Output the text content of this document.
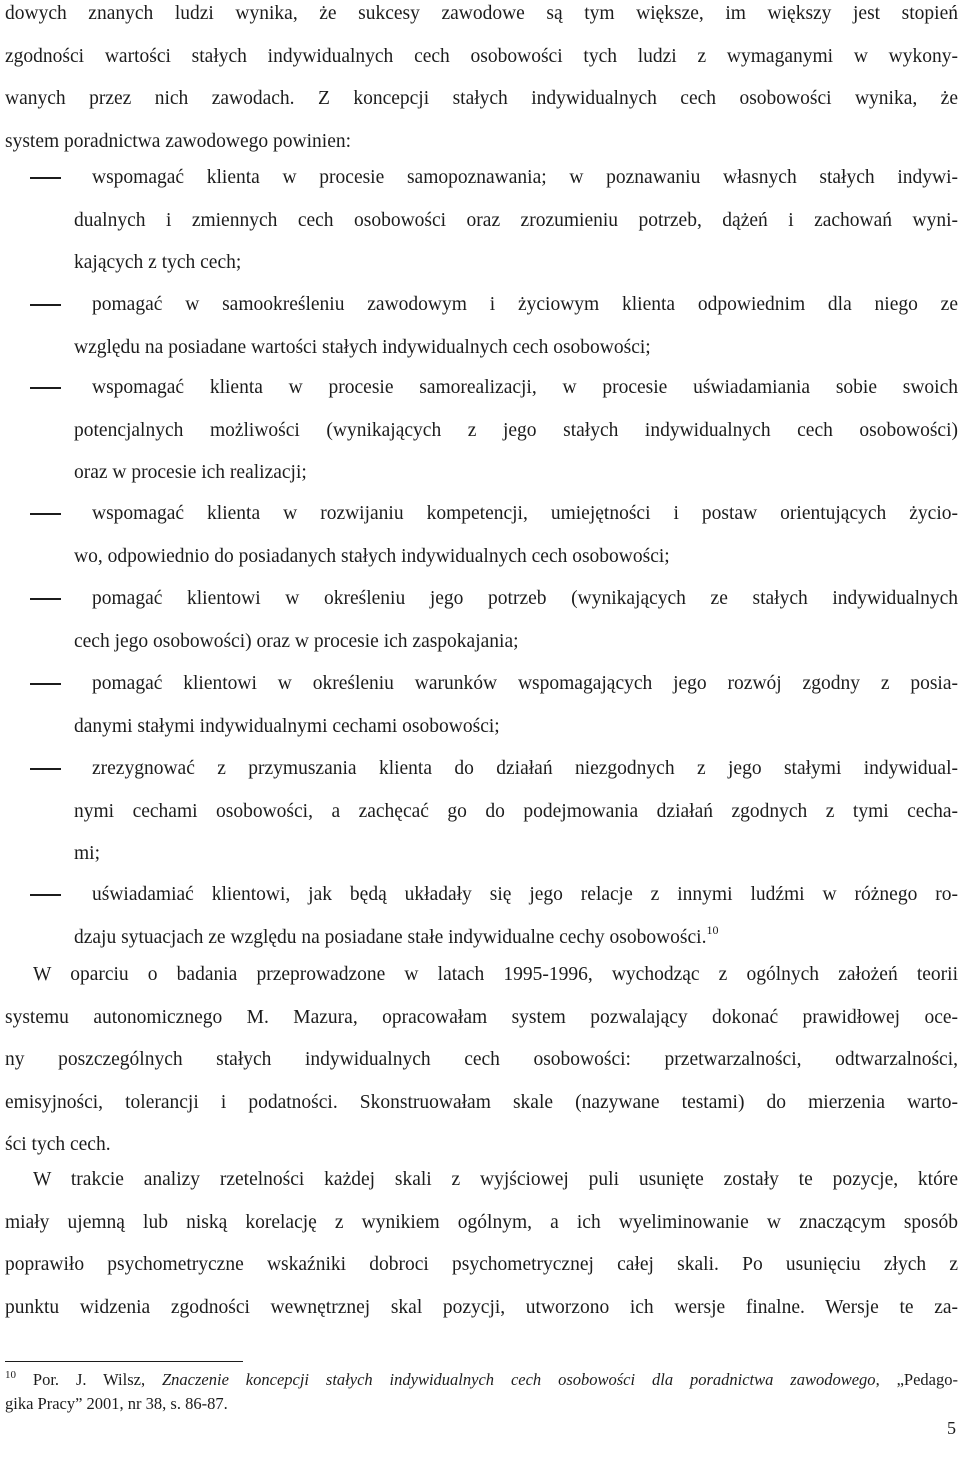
dowych znanych ludzi wynika, że sukcesy zawodowe są tym większe, im większy jest stopień
zgodności wartości stałych indywidualnych cech osobowości tych ludzi z wymaganymi w wykony-
wanych przez nich zawodach. Z koncepcji stałych indywidualnych cech osobowości wynika, że
system poradnictwa zawodowego powinien:
wspomagać klienta w procesie samopoznawania; w poznawaniu własnych stałych indywi-
dualnych i zmiennych cech osobowości oraz zrozumieniu potrzeb, dążeń i zachowań wyni-
kających z tych cech;
pomagać w samookreśleniu zawodowym i życiowym klienta odpowiednim dla niego ze
względu na posiadane wartości stałych indywidualnych cech osobowości;
wspomagać klienta w procesie samorealizacji, w procesie uświadamiania sobie swoich
potencjalnych możliwości (wynikających z jego stałych indywidualnych cech osobowości)
oraz w procesie ich realizacji;
wspomagać klienta w rozwijaniu kompetencji, umiejętności i postaw orientujących życio-
wo, odpowiednio do posiadanych stałych indywidualnych cech osobowości;
pomagać klientowi w określeniu jego potrzeb (wynikających ze stałych indywidualnych
cech jego osobowości) oraz w procesie ich zaspokajania;
pomagać klientowi w określeniu warunków wspomagających jego rozwój zgodny z posia-
danymi stałymi indywidualnymi cechami osobowości;
zrezygnować z przymuszania klienta do działań niezgodnych z jego stałymi indywidual-
nymi cechami osobowości, a zachęcać go do podejmowania działań zgodnych z tymi cecha-
mi;
uświadamiać klientowi, jak będą układały się jego relacje z innymi ludźmi w różnego ro-
dzaju sytuacjach ze względu na posiadane stałe indywidualne cechy osobowości.$^{10}$
W oparciu o badania przeprowadzone w latach 1995-1996, wychodząc z ogólnych założeń teorii
systemu autonomicznego M. Mazura, opracowałam system pozwalający dokonać prawidłowej oce-
ny poszczególnych stałych indywidualnych cech osobowości: przetwarzalności, odtwarzalności,
emisyjności, tolerancji i podatności. Skonstruowałam skale (nazywane testami) do mierzenia warto-
ści tych cech.
W trakcie analizy rzetelności każdej skali z wyjściowej puli usunięte zostały te pozycje, które
miały ujemną lub niską korelację z wynikiem ogólnym, a ich wyeliminowanie w znaczącym sposób
poprawiło psychometryczne wskaźniki dobroci psychometrycznej całej skali. Po usunięciu złych z
punktu widzenia zgodności wewnętrznej skal pozycji, utworzono ich wersje finalne. Wersje te za-
$^{10}$ Por. J. Wilsz, Znaczenie koncepcji stałych indywidualnych cech osobowości dla poradnictwa zawodowego, „Pedago-
gika Pracy” 2001, nr 38, s. 86-87.
5
